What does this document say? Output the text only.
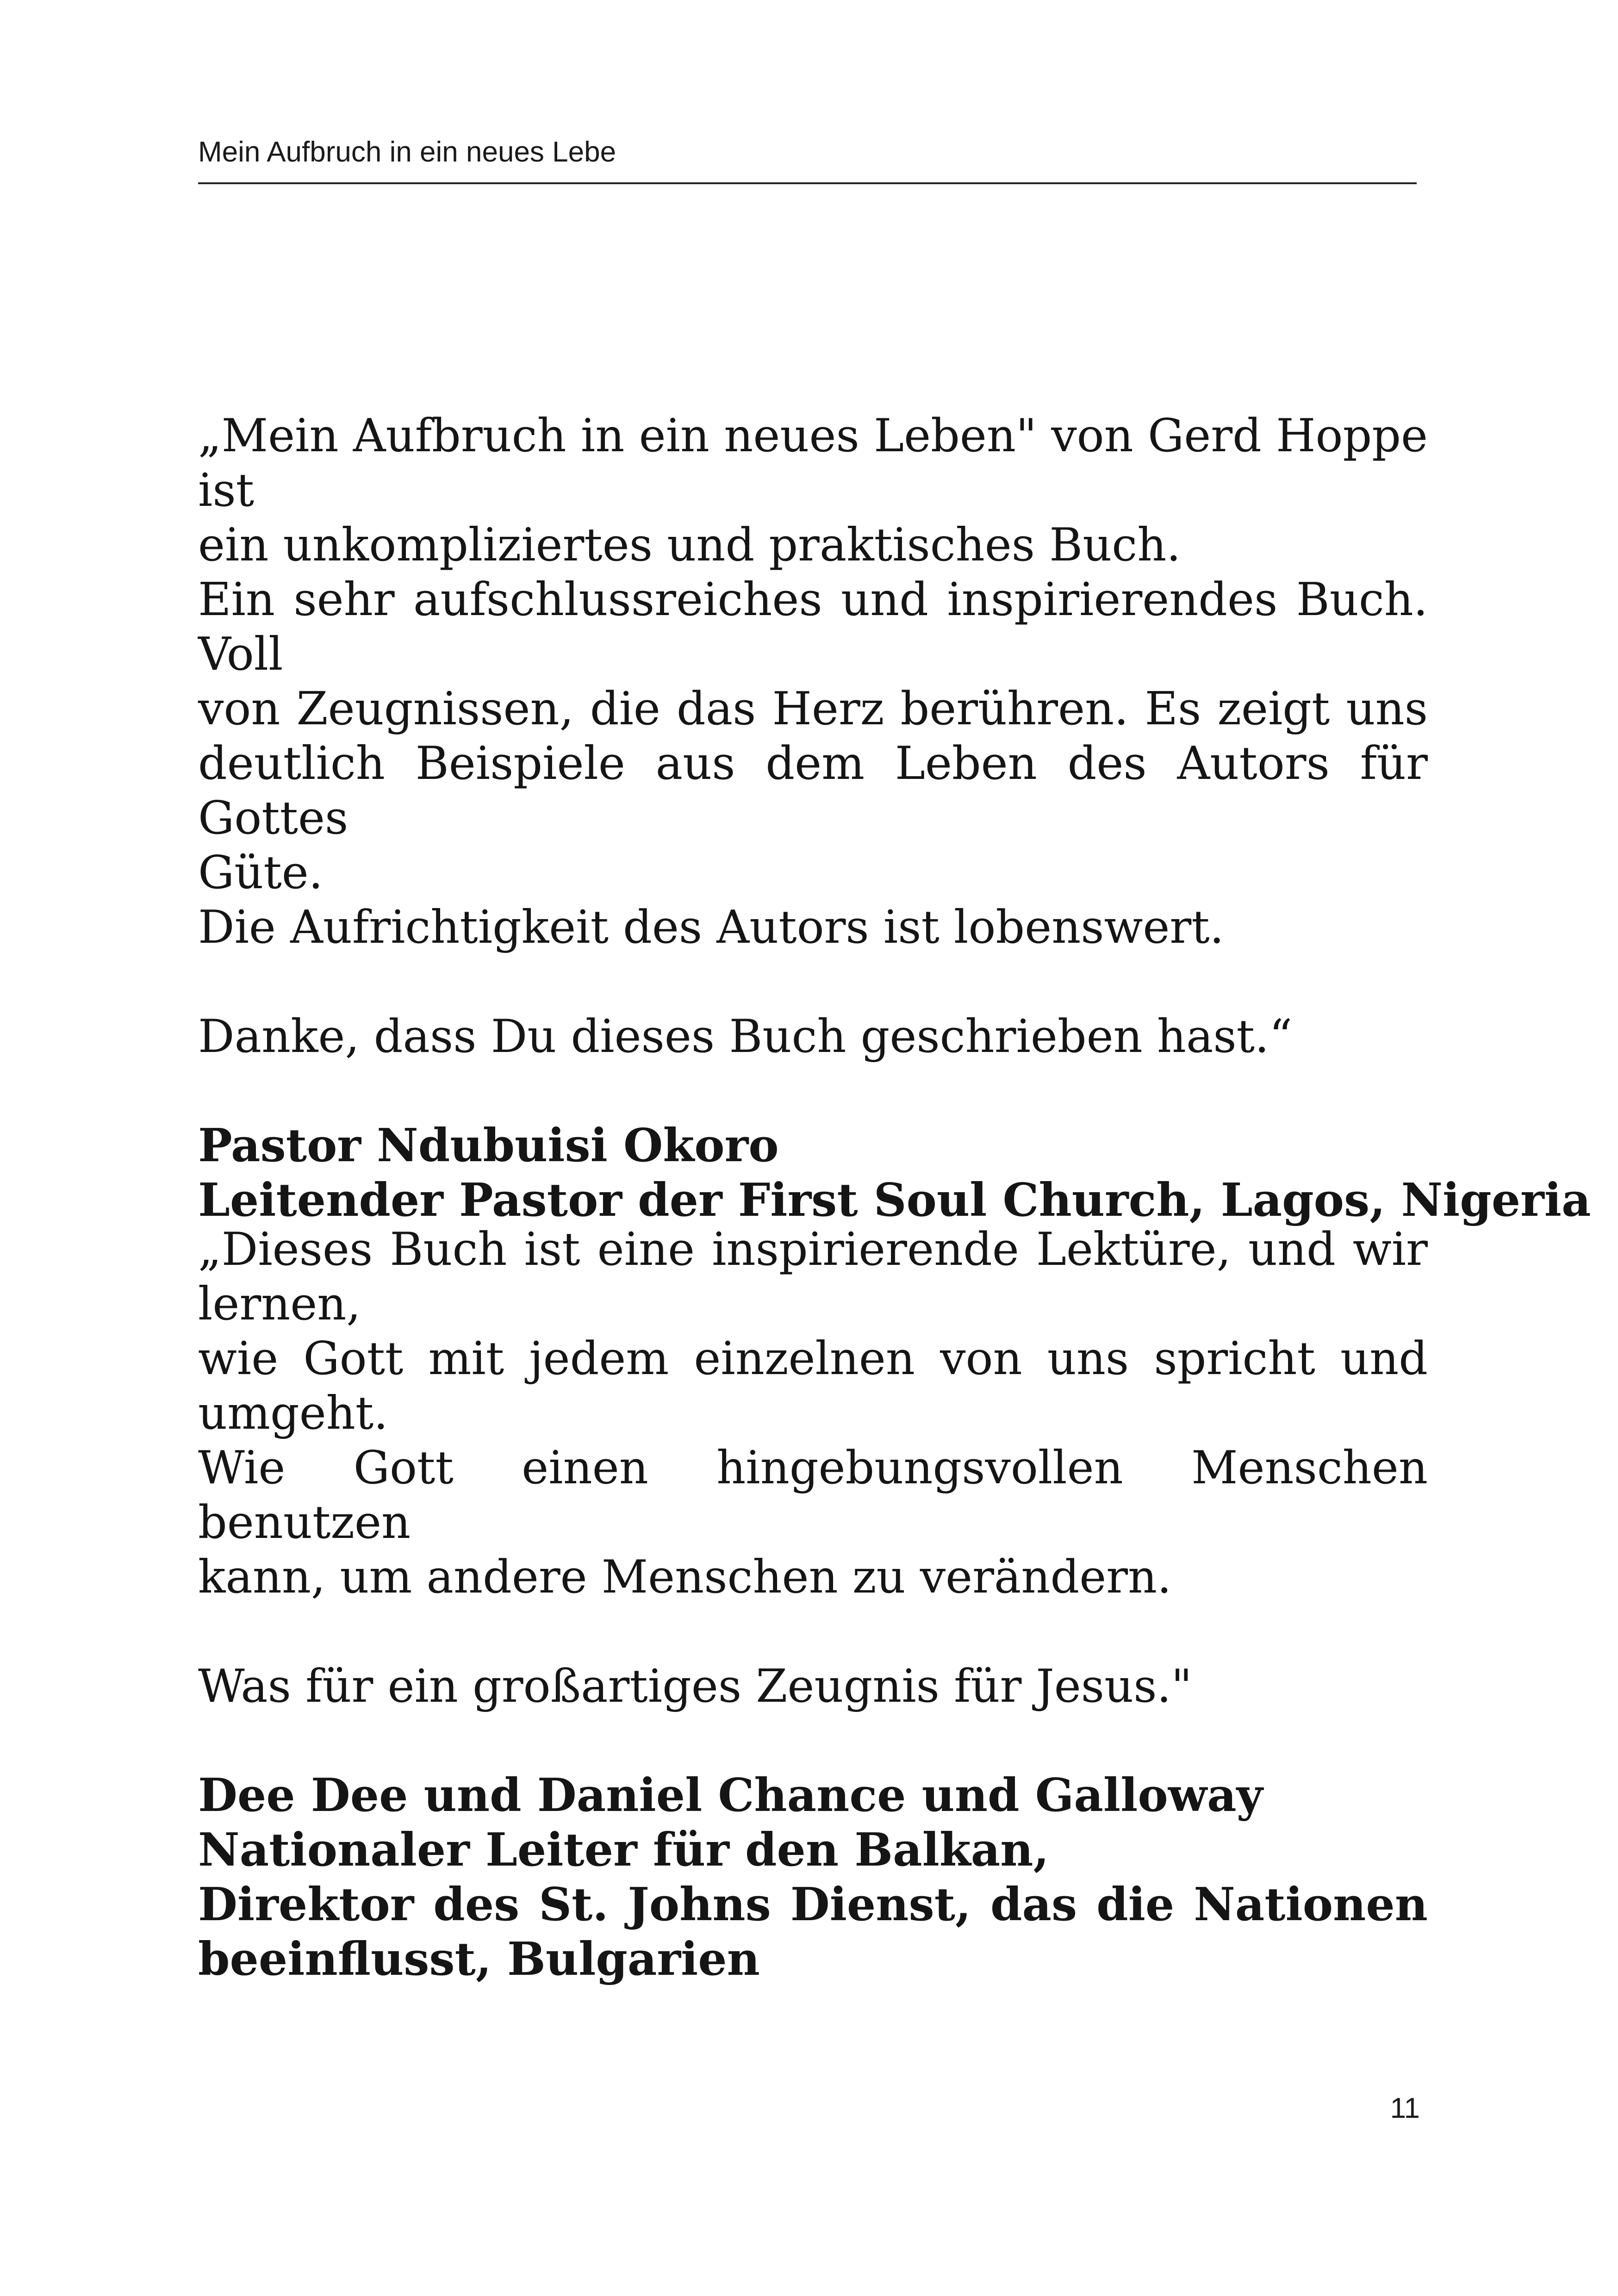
Mein Aufbruch in ein neues Lebe
„Mein Aufbruch in ein neues Leben" von Gerd Hoppe ist
ein unkompliziertes und praktisches Buch.
Ein sehr aufschlussreiches und inspirierendes Buch. Voll
von Zeugnissen, die das Herz berühren. Es zeigt uns
deutlich Beispiele aus dem Leben des Autors für Gottes
Güte.
Die Aufrichtigkeit des Autors ist lobenswert.
Danke, dass Du dieses Buch geschrieben hast.“
Pastor Ndubuisi Okoro
Leitender Pastor der First Soul Church, Lagos, Nigeria
„Dieses Buch ist eine inspirierende Lektüre, und wir lernen,
wie Gott mit jedem einzelnen von uns spricht und umgeht.
Wie Gott einen hingebungsvollen Menschen benutzen
kann, um andere Menschen zu verändern.
Was für ein großartiges Zeugnis für Jesus."
Dee Dee und Daniel Chance und Galloway
Nationaler Leiter für den Balkan,
Direktor des St. Johns Dienst, das die Nationen
beeinflusst, Bulgarien
11
